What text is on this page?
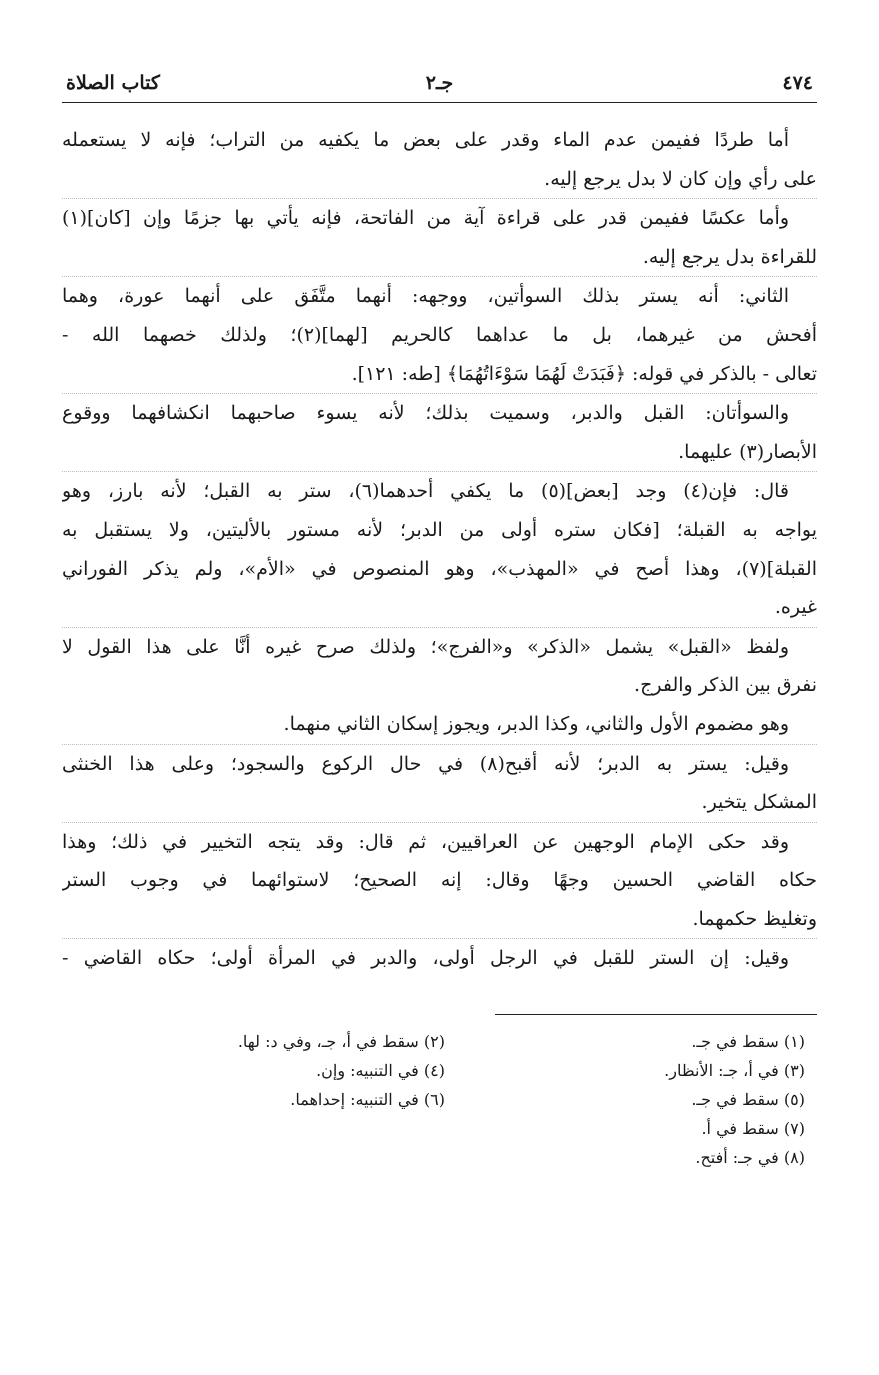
٤٧٤
جـ٢
كتاب الصلاة
أما طردًا ففيمن عدم الماء وقدر على بعض ما يكفيه من التراب؛ فإنه لا يستعمله
على رأي وإن كان لا بدل يرجع إليه.
وأما عكسًا ففيمن قدر على قراءة آية من الفاتحة، فإنه يأتي بها جزمًا وإن [كان](١)
للقراءة بدل يرجع إليه.
الثاني: أنه يستر بذلك السوأتين، ووجهه: أنهما متَّفَق على أنهما عورة، وهما
أفحش من غيرهما، بل ما عداهما كالحريم [لهما](٢)؛ ولذلك خصهما الله -
تعالى - بالذكر في قوله: ﴿فَبَدَتْ لَهُمَا سَوْءَاتُهُمَا﴾ [طه: ١٢١].
والسوأتان: القبل والدبر، وسميت بذلك؛ لأنه يسوء صاحبهما انكشافهما ووقوع
الأبصار(٣) عليهما.
قال: فإن(٤) وجد [بعض](٥) ما يكفي أحدهما(٦)، ستر به القبل؛ لأنه بارز، وهو
يواجه به القبلة؛ [فكان ستره أولى من الدبر؛ لأنه مستور بالأليتين، ولا يستقبل به
القبلة](٧)، وهذا أصح في «المهذب»، وهو المنصوص في «الأم»، ولم يذكر الفوراني
غيره.
ولفظ «القبل» يشمل «الذكر» و«الفرج»؛ ولذلك صرح غيره أنَّا على هذا القول لا
نفرق بين الذكر والفرج.
وهو مضموم الأول والثاني، وكذا الدبر، ويجوز إسكان الثاني منهما.
وقيل: يستر به الدبر؛ لأنه أقبح(٨) في حال الركوع والسجود؛ وعلى هذا الخنثى
المشكل يتخير.
وقد حكى الإمام الوجهين عن العراقيين، ثم قال: وقد يتجه التخيير في ذلك؛ وهذا
حكاه القاضي الحسين وجهًا وقال: إنه الصحيح؛ لاستوائهما في وجوب الستر
وتغليظ حكمهما.
وقيل: إن الستر للقبل في الرجل أولى، والدبر في المرأة أولى؛ حكاه القاضي -
(١) سقط في جـ.
(٢) سقط في أ، جـ، وفي د: لها.
(٣) في أ، جـ: الأنظار.
(٤) في التنبيه: وإن.
(٥) سقط في جـ.
(٦) في التنبيه: إحداهما.
(٧) سقط في أ.
(٨) في جـ: أفتح.
